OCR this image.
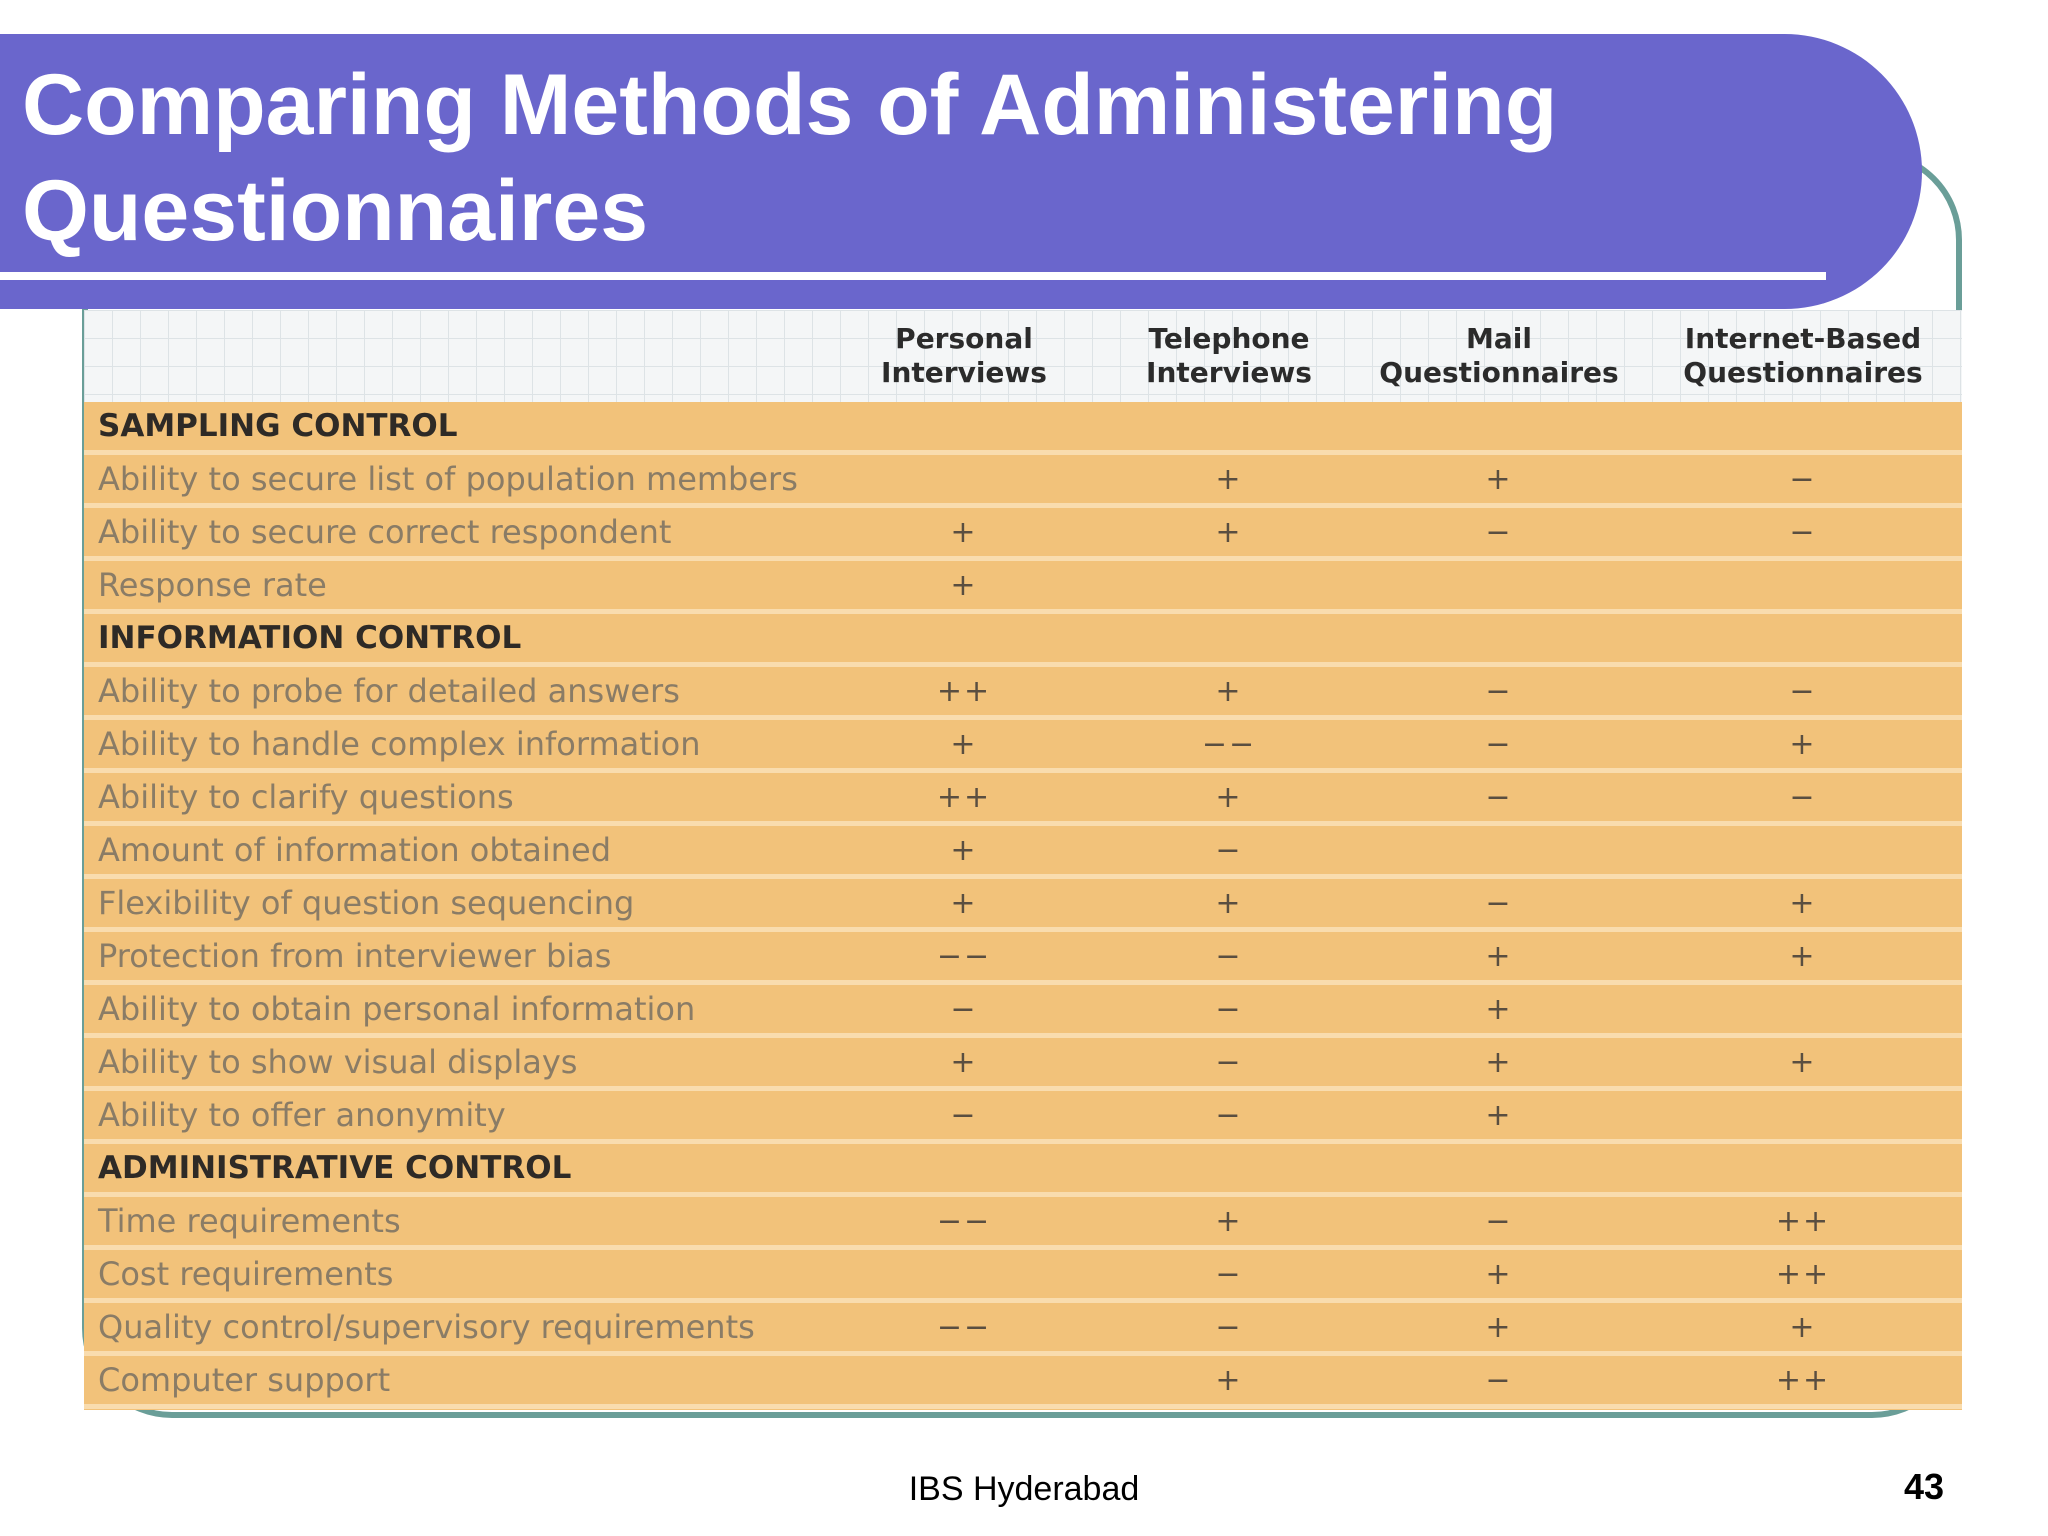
Comparing Methods of Administering Questionnaires
	Personal Interviews	Telephone Interviews	Mail Questionnaires	Internet-Based Questionnaires
SAMPLING CONTROL				
Ability to secure list of population members		+	+	−
Ability to secure correct respondent	+	+	−	−
Response rate	+			
INFORMATION CONTROL				
Ability to probe for detailed answers	++	+	−	−
Ability to handle complex information	+	−−	−	+
Ability to clarify questions	++	+	−	−
Amount of information obtained	+	−		
Flexibility of question sequencing	+	+	−	+
Protection from interviewer bias	−−	−	+	+
Ability to obtain personal information	−	−	+	
Ability to show visual displays	+	−	+	+
Ability to offer anonymity	−	−	+	
ADMINISTRATIVE CONTROL				
Time requirements	−−	+	−	++
Cost requirements		−	+	++
Quality control/supervisory requirements	−−	−	+	+
Computer support		+	−	++
IBS Hyderabad	43
